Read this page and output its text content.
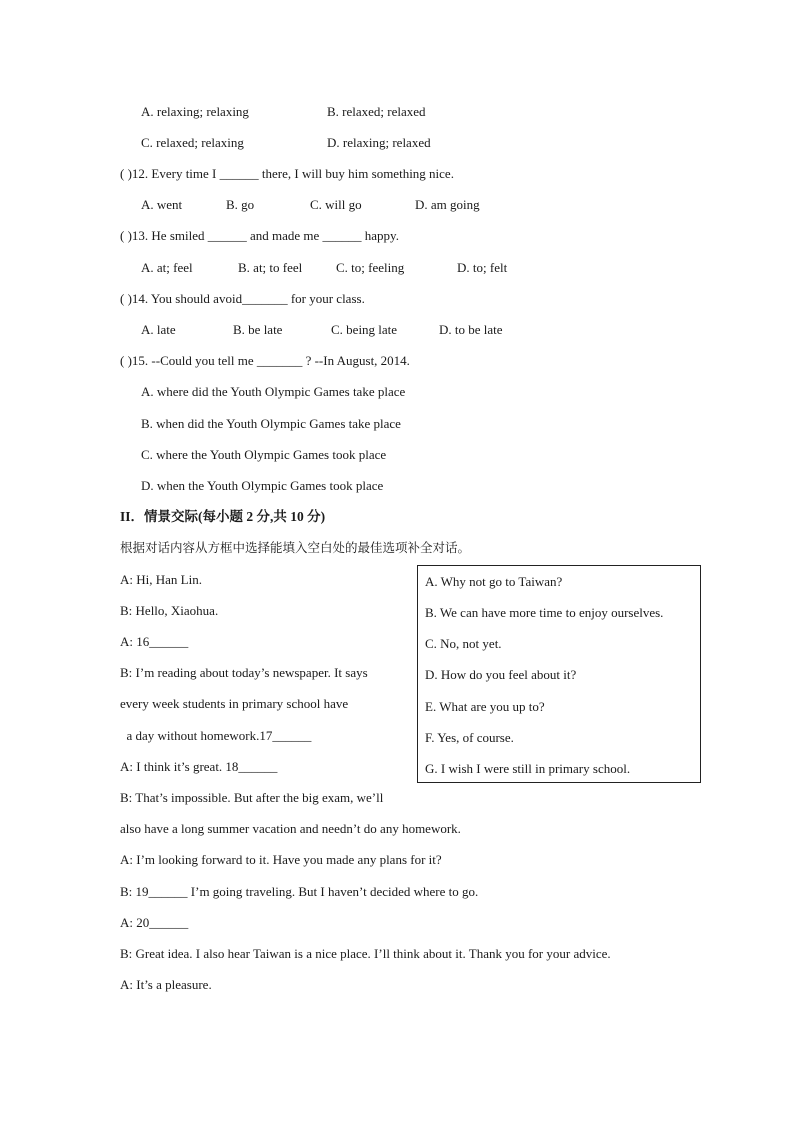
A. relaxing; relaxing	B. relaxed; relaxed
C. relaxed; relaxing	D. relaxing; relaxed
( )12. Every time I ______ there, I will buy him something nice.
A. went	B. go	C. will go	D. am going
( )13. He smiled ______ and made me ______ happy.
A. at; feel	B. at; to feel	C. to; feeling	D. to; felt
( )14. You should avoid_______ for your class.
A. late	B. be late	C. being late	D. to be late
( )15. --Could you tell me _______ ? --In August, 2014.
A. where did the Youth Olympic Games take place
B. when did the Youth Olympic Games take place
C. where the Youth Olympic Games took place
D. when the Youth Olympic Games took place
II．情景交际(每小题 2 分,共 10 分)
根据对话内容从方框中选择能填入空白处的最佳选项补全对话。
A: Hi, Han Lin.
B: Hello, Xiaohua.
A: 16______
B: I’m reading about today’s newspaper. It says
every week students in primary school have
a day without homework.17______
A: I think it’s great. 18______
B: That’s impossible. But after the big exam, we’ll
also have a long summer vacation and needn’t do any homework.
A: I’m looking forward to it. Have you made any plans for it?
B: 19______ I’m going traveling. But I haven’t decided where to go.
A: 20______
B: Great idea. I also hear Taiwan is a nice place. I’ll think about it. Thank you for your advice.
A: It’s a pleasure.
A. Why not go to Taiwan?
B. We can have more time to enjoy ourselves.
C. No, not yet.
D. How do you feel about it?
E. What are you up to?
F. Yes, of course.
G. I wish I were still in primary school.
